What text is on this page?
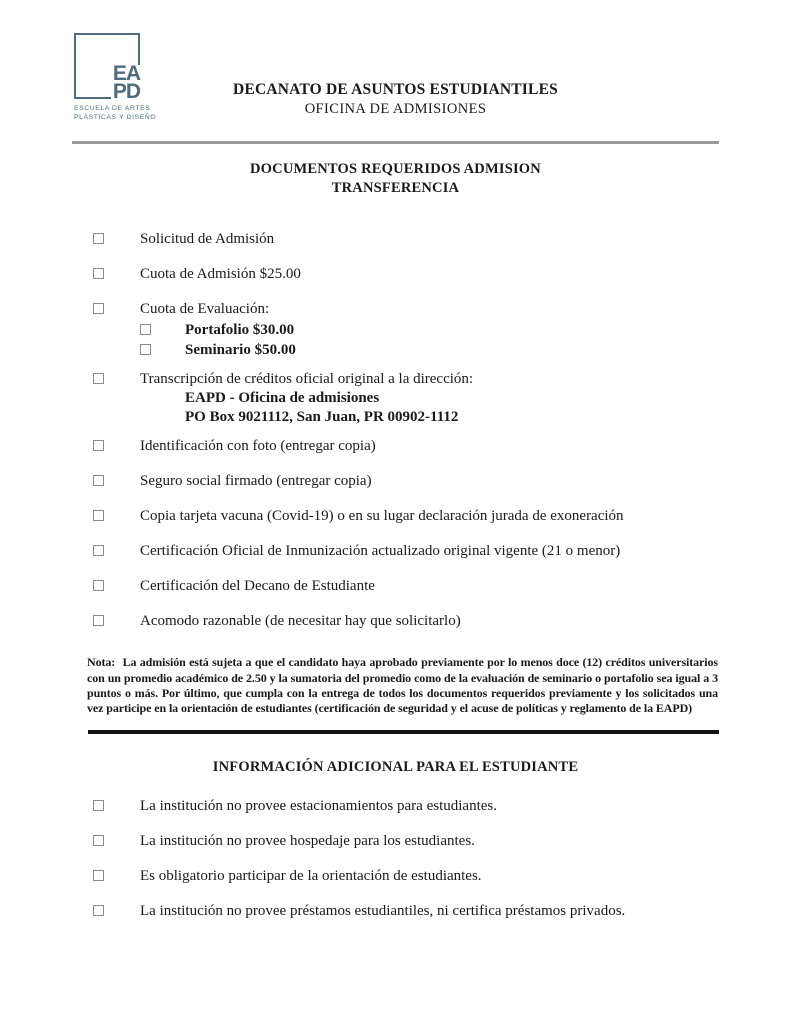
EA
PD
ESCUELA DE ARTES
PLÁSTICAS Y DISEÑO
DECANATO DE ASUNTOS ESTUDIANTILES
OFICINA DE ADMISIONES
DOCUMENTOS REQUERIDOS ADMISION
TRANSFERENCIA
Solicitud de Admisión
Cuota de Admisión $25.00
Cuota de Evaluación:
Portafolio $30.00
Seminario $50.00
Transcripción de créditos oficial original a la dirección:
EAPD - Oficina de admisiones
PO Box 9021112, San Juan, PR 00902-1112
Identificación con foto (entregar copia)
Seguro social firmado (entregar copia)
Copia tarjeta vacuna (Covid-19) o en su lugar declaración jurada de exoneración
Certificación Oficial de Inmunización actualizado original vigente (21 o menor)
Certificación del Decano de Estudiante
Acomodo razonable (de necesitar hay que solicitarlo)
Nota: La admisión está sujeta a que el candidato haya aprobado previamente por lo menos doce (12) créditos universitarios con un promedio académico de 2.50 y la sumatoria del promedio como de la evaluación de seminario o portafolio sea igual a 3 puntos o más. Por último, que cumpla con la entrega de todos los documentos requeridos previamente y los solicitados una vez participe en la orientación de estudiantes (certificación de seguridad y el acuse de políticas y reglamento de la EAPD)
INFORMACIÓN ADICIONAL PARA EL ESTUDIANTE
La institución no provee estacionamientos para estudiantes.
La institución no provee hospedaje para los estudiantes.
Es obligatorio participar de la orientación de estudiantes.
La institución no provee préstamos estudiantiles, ni certifica préstamos privados.
